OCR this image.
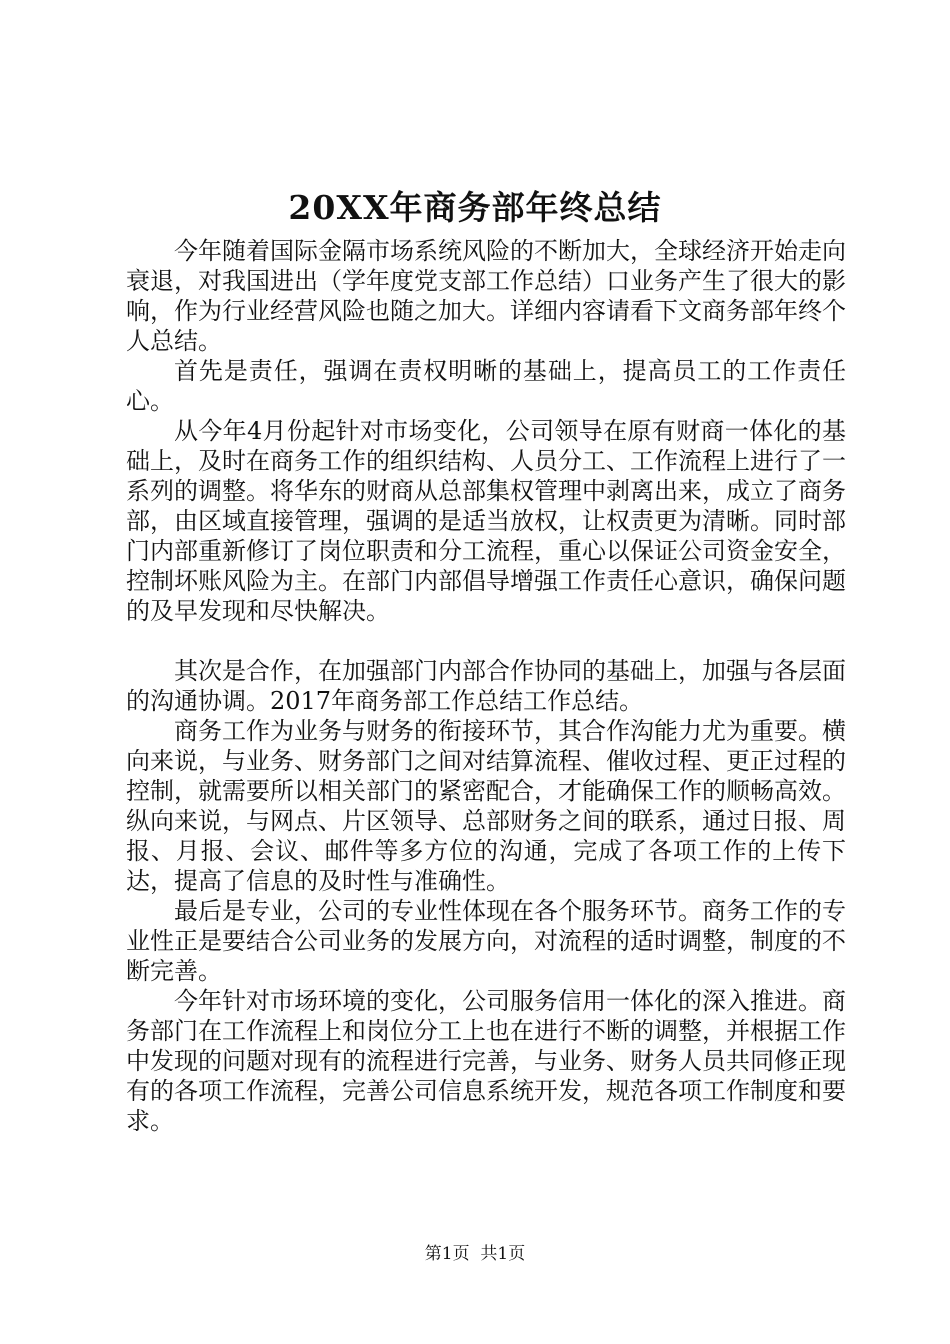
20XX年商务部年终总结

今年随着国际金隔市场系统风险的不断加大，全球经济开始走向衰退，对我国进出（学年度党支部工作总结）口业务产生了很大的影响，作为行业经营风险也随之加大。详细内容请看下文商务部年终个人总结。

首先是责任，强调在责权明晰的基础上，提高员工的工作责任心。

从今年4月份起针对市场变化，公司领导在原有财商一体化的基础上，及时在商务工作的组织结构、人员分工、工作流程上进行了一系列的调整。将华东的财商从总部集权管理中剥离出来，成立了商务部，由区域直接管理，强调的是适当放权，让权责更为清晰。同时部门内部重新修订了岗位职责和分工流程，重心以保证公司资金安全，控制坏账风险为主。在部门内部倡导增强工作责任心意识，确保问题的及早发现和尽快解决。

其次是合作，在加强部门内部合作协同的基础上，加强与各层面的沟通协调。2017年商务部工作总结工作总结。

商务工作为业务与财务的衔接环节，其合作沟能力尤为重要。横向来说，与业务、财务部门之间对结算流程、催收过程、更正过程的控制，就需要所以相关部门的紧密配合，才能确保工作的顺畅高效。纵向来说，与网点、片区领导、总部财务之间的联系，通过日报、周报、月报、会议、邮件等多方位的沟通，完成了各项工作的上传下达，提高了信息的及时性与准确性。

最后是专业，公司的专业性体现在各个服务环节。商务工作的专业性正是要结合公司业务的发展方向，对流程的适时调整，制度的不断完善。

今年针对市场环境的变化，公司服务信用一体化的深入推进。商务部门在工作流程上和岗位分工上也在进行不断的调整，并根据工作中发现的问题对现有的流程进行完善，与业务、财务人员共同修正现有的各项工作流程，完善公司信息系统开发，规范各项工作制度和要求。

第1页  共1页
